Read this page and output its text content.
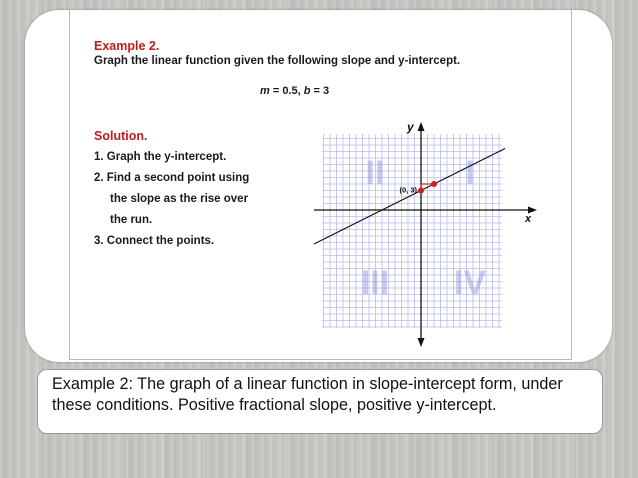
Example 2.
Graph the linear function given the following slope and y-intercept.
m = 0.5, b = 3
Solution.
1. Graph the y-intercept.
2. Find a second point using
the slope as the rise over
the run.
3. Connect the points.
I
II
III IV
x
y
(0, 3)
Example 2: The graph of a linear function in slope-intercept form, under these conditions. Positive fractional slope, positive y-intercept.
